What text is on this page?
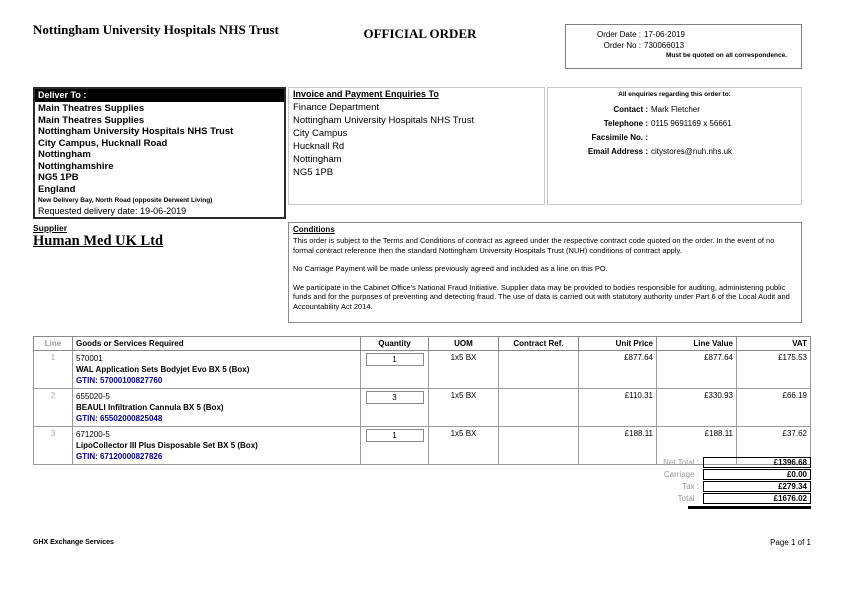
Nottingham University Hospitals NHS Trust	OFFICIAL ORDER	Order Date : 17-06-2019
Order No : 730066013
Must be quoted on all correspondence.
Deliver To :
Main Theatres Supplies
Main Theatres Supplies
Nottingham University Hospitals NHS Trust
City Campus, Hucknall Road
Nottingham
Nottinghamshire
NG5 1PB
England
New Delivery Bay, North Road (opposite Derwent Living)
Requested delivery date: 19-06-2019
Invoice and Payment Enquiries To
Finance Department
Nottingham University Hospitals NHS Trust
City Campus
Hucknall Rd
Nottingham
NG5 1PB
All enquiries regarding this order to:
Contact : Mark Fletcher
Telephone : 0115 9691169 x 56661
Facsimile No. :
Email Address : citystores@nuh.nhs.uk
Supplier
Human Med UK Ltd
Conditions

This order is subject to the Terms and Conditions of contract as agreed under the respective contract code quoted on the order. In the event of no formal contract reference then the standard Nottingham University Hospitals Trust (NUH) conditions of contract apply.

No Carriage Payment will be made unless previously agreed and included as a line on this PO.

We participate in the Cabinet Office's National Fraud Initiative. Supplier data may be provided to bodies responsible for auditing, administering public funds and for the purposes of preventing and detecting fraud. The use of data is carried out with statutory authority under Part 6 of the Local Audit and Accountability Act 2014.

Line	Goods or Services Required	Quantity	UOM	Contract Ref.	Unit Price	Line Value	VAT
1	570001
WAL Application Sets Bodyjet Evo BX 5 (Box)
GTIN: 57000100827760	1	1x5 BX		£877.64	£877.64	£175.53
2	655020-5
BEAULI Infiltration Cannula BX 5 (Box)
GTIN: 65502000825048	3	1x5 BX		£110.31	£330.93	£66.19
3	671200-5
LipoCollector III Plus Disposable Set BX 5 (Box)
GTIN: 67120000827826	1	1x5 BX		£188.11	£188.11	£37.62
Net Total :	£1396.68
Carriage :	£0.00
Tax :	£279.34
Total :	£1676.02
GHX Exchange Services	Page 1 of 1
